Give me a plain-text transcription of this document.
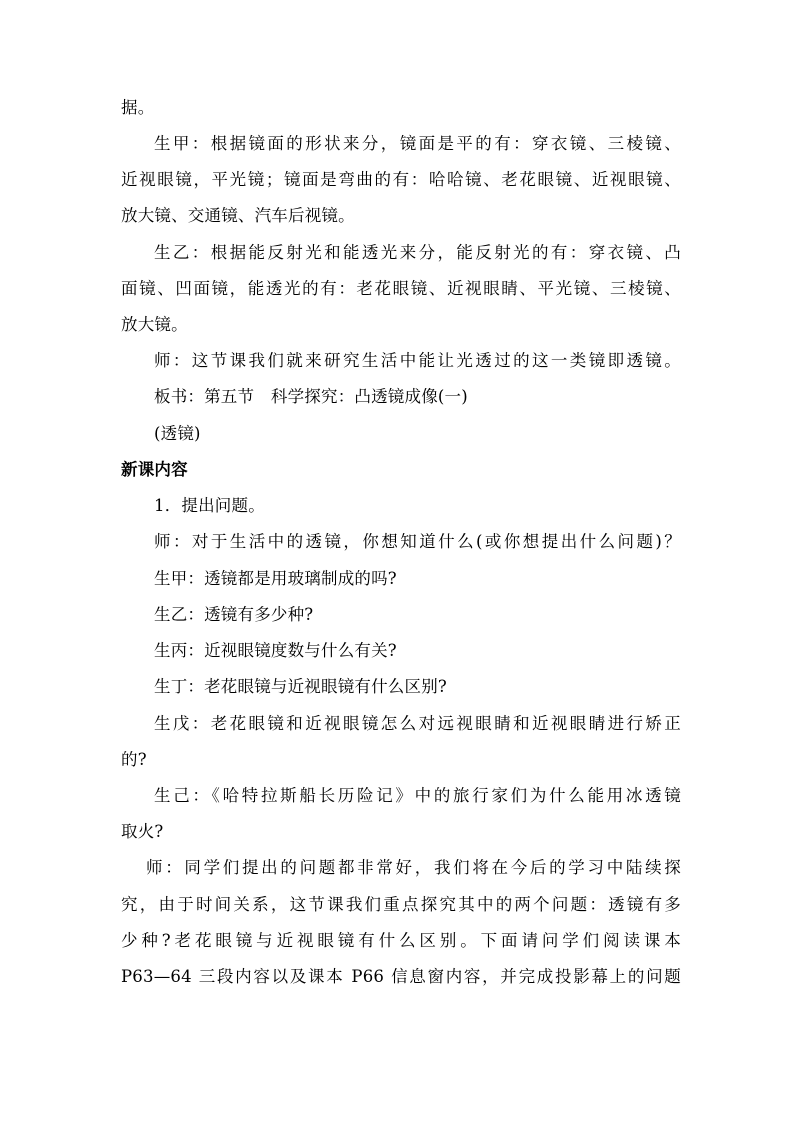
据。
生甲：根据镜面的形状来分，镜面是平的有：穿衣镜、三棱镜、
近视眼镜，平光镜；镜面是弯曲的有：哈哈镜、老花眼镜、近视眼镜、
放大镜、交通镜、汽车后视镜。
生乙：根据能反射光和能透光来分，能反射光的有：穿衣镜、凸
面镜、凹面镜，能透光的有：老花眼镜、近视眼睛、平光镜、三棱镜、
放大镜。
师：这节课我们就来研究生活中能让光透过的这一类镜即透镜。
板书：第五节　科学探究：凸透镜成像(一)
(透镜)
新课内容
1．提出问题。
师：对于生活中的透镜，你想知道什么(或你想提出什么问题)？
生甲：透镜都是用玻璃制成的吗?
生乙：透镜有多少种?
生丙：近视眼镜度数与什么有关?
生丁：老花眼镜与近视眼镜有什么区别?
生戊：老花眼镜和近视眼镜怎么对远视眼睛和近视眼睛进行矫正
的?
生己：《哈特拉斯船长历险记》中的旅行家们为什么能用冰透镜
取火?
师：同学们提出的问题都非常好，我们将在今后的学习中陆续探
究，由于时间关系，这节课我们重点探究其中的两个问题：透镜有多
少种?老花眼镜与近视眼镜有什么区别。下面请问学们阅读课本
P63—64 三段内容以及课本 P66 信息窗内容，并完成投影幕上的问题
